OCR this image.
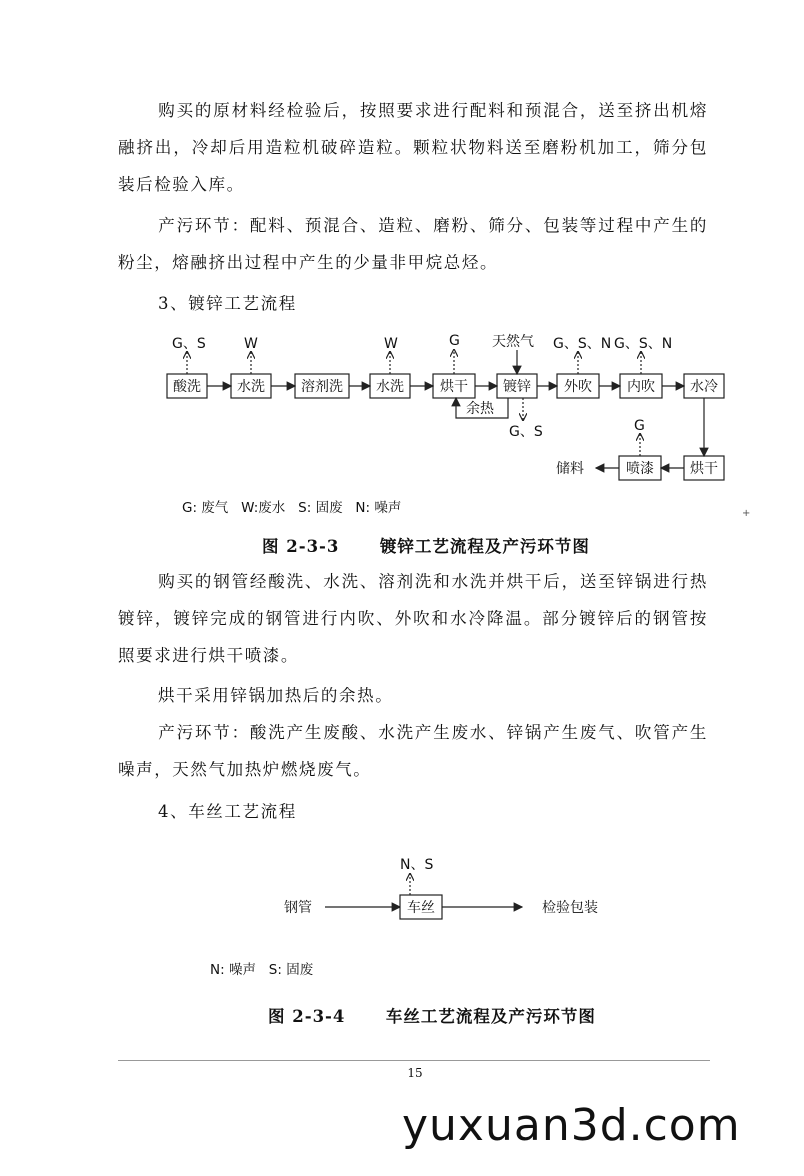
购买的原材料经检验后，按照要求进行配料和预混合，送至挤出机熔融挤出，冷却后用造粒机破碎造粒。颗粒状物料送至磨粉机加工，筛分包装后检验入库。

产污环节：配料、预混合、造粒、磨粉、筛分、包装等过程中产生的粉尘，熔融挤出过程中产生的少量非甲烷总烃。

3、镀锌工艺流程
酸洗	水洗	溶剂洗 水洗	烘干	镀锌 外吹	内吹	水冷
烘干
喷漆
G、S	W	W	G	G、S、N G、S、N
G、S	G
天然气
余热
储料
G: 废气   W:废水   S: 固废   N: 噪声	+
图 2-3-3      镀锌工艺流程及产污环节图

购买的钢管经酸洗、水洗、溶剂洗和水洗并烘干后，送至锌锅进行热镀锌，镀锌完成的钢管进行内吹、外吹和水冷降温。部分镀锌后的钢管按照要求进行烘干喷漆。

烘干采用锌锅加热后的余热。

产污环节：酸洗产生废酸、水洗产生废水、锌锅产生废气、吹管产生噪声，天然气加热炉燃烧废气。

4、车丝工艺流程
钢管	车丝	检验包装
N、S
N: 噪声   S: 固废
图 2-3-4      车丝工艺流程及产污环节图
15
yuxuan3d.com
